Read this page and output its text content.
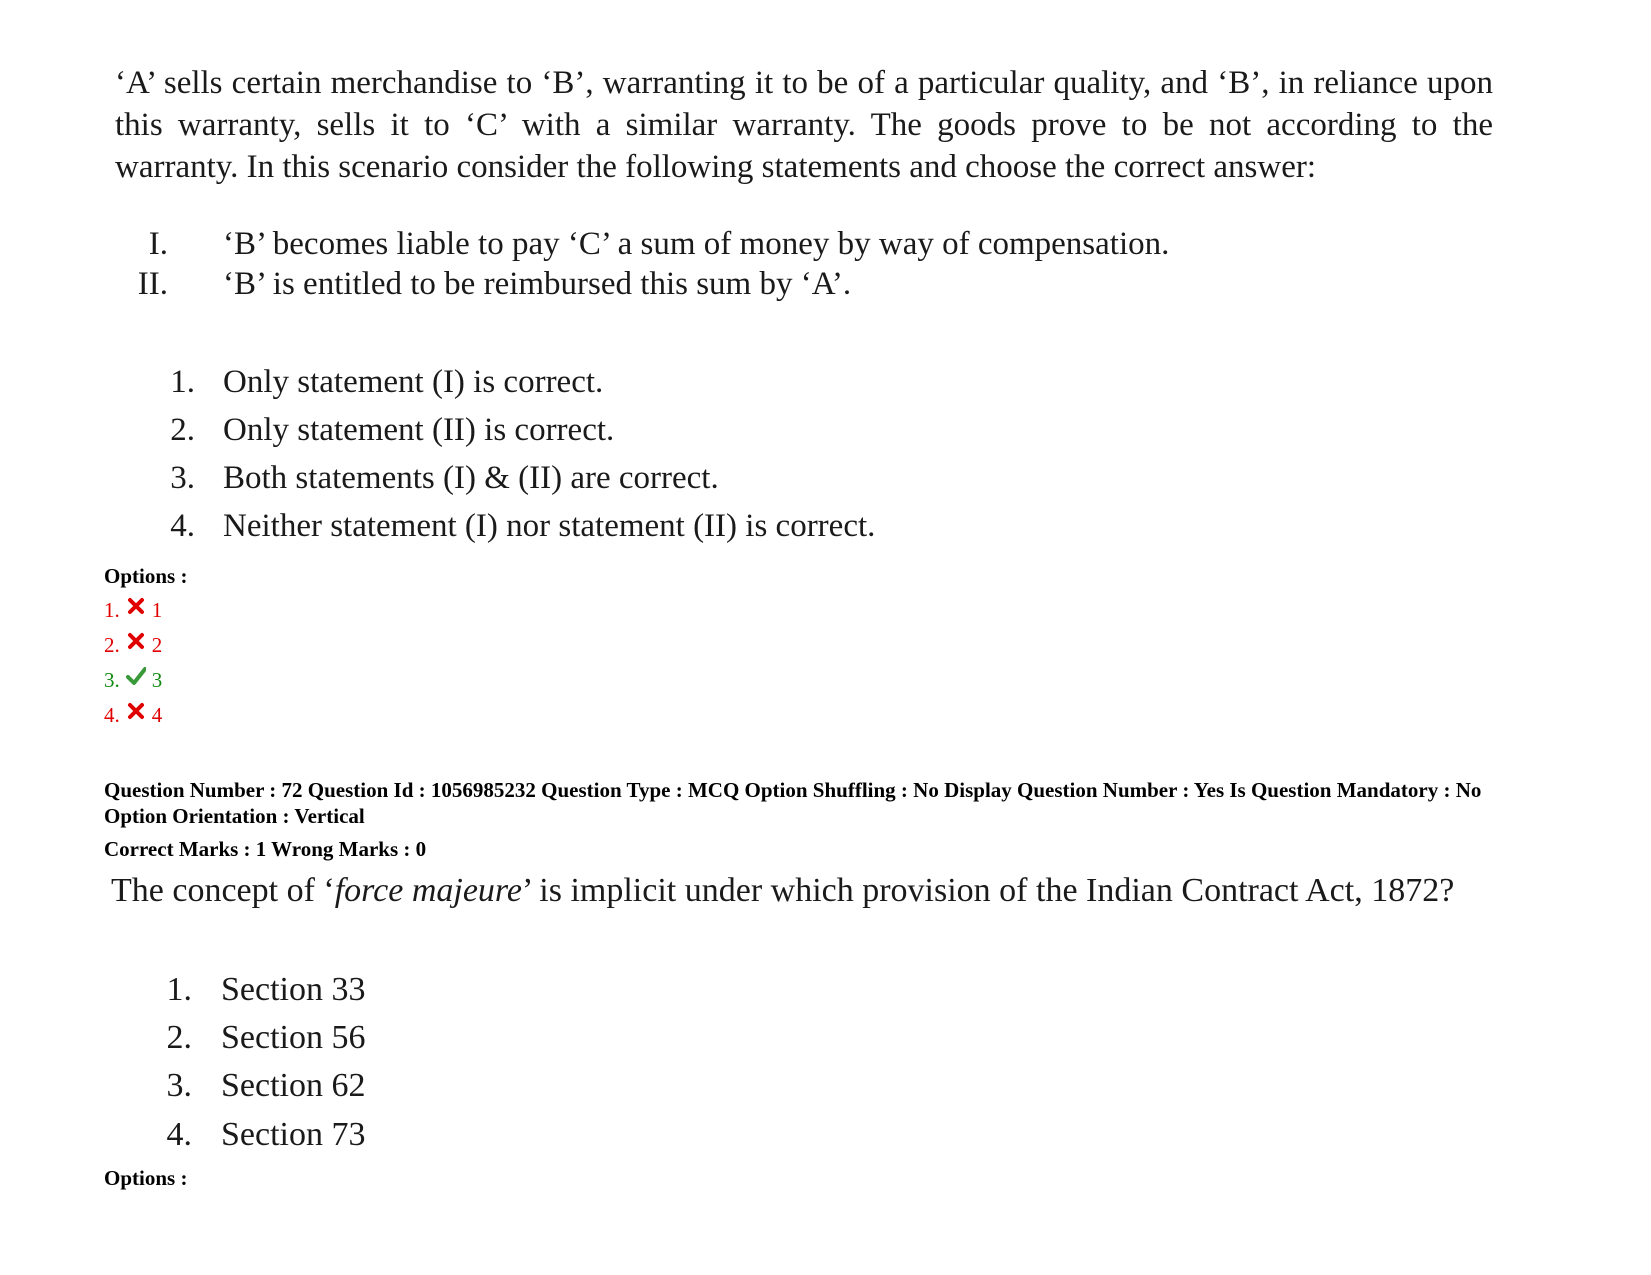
‘A’ sells certain merchandise to ‘B’, warranting it to be of a particular quality, and ‘B’, in reliance upon this warranty, sells it to ‘C’ with a similar warranty. The goods prove to be not according to the warranty. In this scenario consider the following statements and choose the correct answer:

I. ‘B’ becomes liable to pay ‘C’ a sum of money by way of compensation.
II. ‘B’ is entitled to be reimbursed this sum by ‘A’.
1. Only statement (I) is correct.
2. Only statement (II) is correct.
3. Both statements (I) & (II) are correct.
4. Neither statement (I) nor statement (II) is correct.
Options :
1. 1
2. 2
3. 3
4. 4

Question Number : 72 Question Id : 1056985232 Question Type : MCQ Option Shuffling : No Display Question Number : Yes Is Question Mandatory : No Option Orientation : Vertical

Correct Marks : 1 Wrong Marks : 0

The concept of ‘force majeure’ is implicit under which provision of the Indian Contract Act, 1872?

1. Section 33
2. Section 56
3. Section 62
4. Section 73
Options :
